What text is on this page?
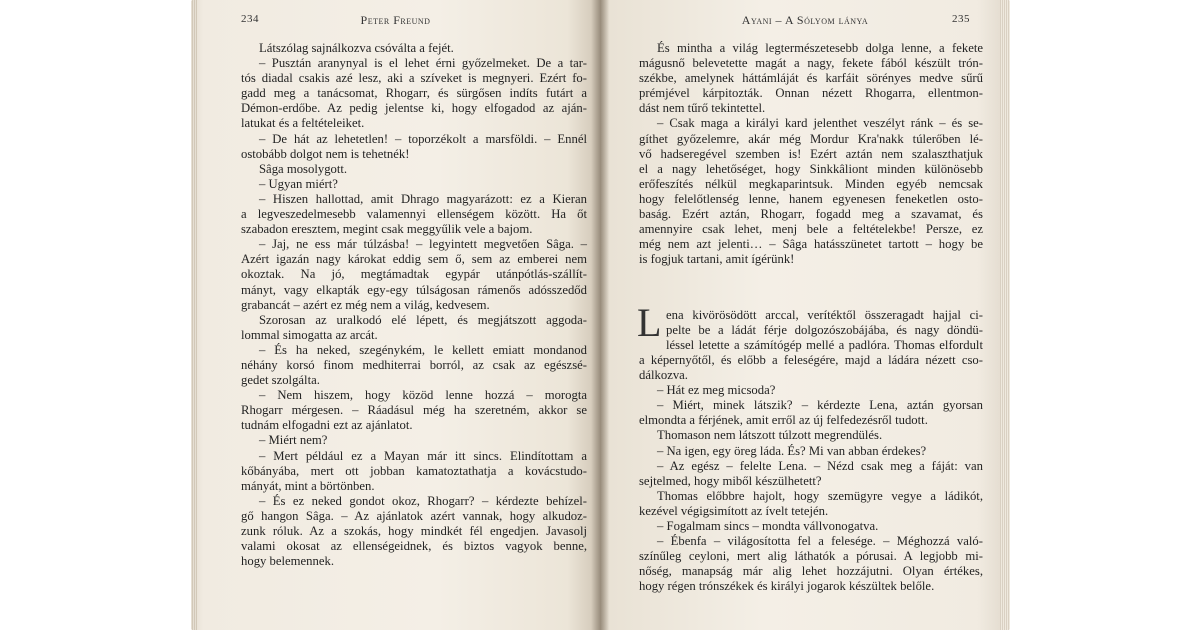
234	Peter Freund
Látszólag sajnálkozva csóválta a fejét.
– Pusztán aranynyal is el lehet érni győzelmeket. De a tar-
tós diadal csakis azé lesz, aki a szíveket is megnyeri. Ezért fo-
gadd meg a tanácsomat, Rhogarr, és sürgősen indíts futárt a
Démon-erdőbe. Az pedig jelentse ki, hogy elfogadod az aján-
latukat és a feltételeiket.
– De hát az lehetetlen! – toporzékolt a marsföldi. – Ennél
ostobább dolgot nem is tehetnék!
Sâga mosolygott.
– Ugyan miért?
– Hiszen hallottad, amit Dhrago magyarázott: ez a Kieran
a legveszedelmesebb valamennyi ellenségem között. Ha őt
szabadon eresztem, megint csak meggyűlik vele a bajom.
– Jaj, ne ess már túlzásba! – legyintett megvetően Sâga. –
Azért igazán nagy károkat eddig sem ő, sem az emberei nem
okoztak. Na jó, megtámadtak egypár utánpótlás-szállít-
mányt, vagy elkapták egy-egy túlságosan rámenős adósszedőd
grabancát – azért ez még nem a világ, kedvesem.
Szorosan az uralkodó elé lépett, és megjátszott aggoda-
lommal simogatta az arcát.
– És ha neked, szegénykém, le kellett emiatt mondanod
néhány korsó finom medhiterrai borról, az csak az egészsé-
gedet szolgálta.
– Nem hiszem, hogy közöd lenne hozzá – morogta
Rhogarr mérgesen. – Ráadásul még ha szeretném, akkor se
tudnám elfogadni ezt az ajánlatot.
– Miért nem?
– Mert például ez a Mayan már itt sincs. Elindítottam a
kőbányába, mert ott jobban kamatoztathatja a kovácstudo-
mányát, mint a börtönben.
– És ez neked gondot okoz, Rhogarr? – kérdezte behízel-
gő hangon Sâga. – Az ajánlatok azért vannak, hogy alkudoz-
zunk róluk. Az a szokás, hogy mindkét fél engedjen. Javasolj
valami okosat az ellenségeidnek, és biztos vagyok benne,
hogy belemennek.
Ayani – A Sólyom lánya	235
És mintha a világ legtermészetesebb dolga lenne, a fekete
mágusnő belevetette magát a nagy, fekete fából készült trón-
székbe, amelynek háttámláját és karfáit sörényes medve sűrű
prémjével kárpitozták. Onnan nézett Rhogarra, ellentmon-
dást nem tűrő tekintettel.
– Csak maga a királyi kard jelenthet veszélyt ránk – és se-
gíthet győzelemre, akár még Mordur Kra'nakk túlerőben lé-
vő hadseregével szemben is! Ezért aztán nem szalaszthatjuk
el a nagy lehetőséget, hogy Sinkkâliont minden különösebb
erőfeszítés nélkül megkaparintsuk. Minden egyéb nemcsak
hogy felelőtlenség lenne, hanem egyenesen feneketlen osto-
baság. Ezért aztán, Rhogarr, fogadd meg a szavamat, és
amennyire csak lehet, menj bele a feltételekbe! Persze, ez
még nem azt jelenti… – Sâga hatásszünetet tartott – hogy be
is fogjuk tartani, amit ígérünk!
L ena kivörösödött arccal, verítéktől összeragadt hajjal ci-
pelte be a ládát férje dolgozószobájába, és nagy döndü-
léssel letette a számítógép mellé a padlóra. Thomas elfordult
a képernyőtől, és előbb a feleségére, majd a ládára nézett cso-
dálkozva.
– Hát ez meg micsoda?
– Miért, minek látszik? – kérdezte Lena, aztán gyorsan
elmondta a férjének, amit erről az új felfedezésről tudott.
Thomason nem látszott túlzott megrendülés.
– Na igen, egy öreg láda. És? Mi van abban érdekes?
– Az egész – felelte Lena. – Nézd csak meg a fáját: van
sejtelmed, hogy miből készülhetett?
Thomas előbbre hajolt, hogy szemügyre vegye a ládikót,
kezével végigsimított az ívelt tetején.
– Fogalmam sincs – mondta vállvonogatva.
– Ébenfa – világosította fel a felesége. – Méghozzá való-
színűleg ceyloni, mert alig láthatók a pórusai. A legjobb mi-
nőség, manapság már alig lehet hozzájutni. Olyan értékes,
hogy régen trónszékek és királyi jogarok készültek belőle.
